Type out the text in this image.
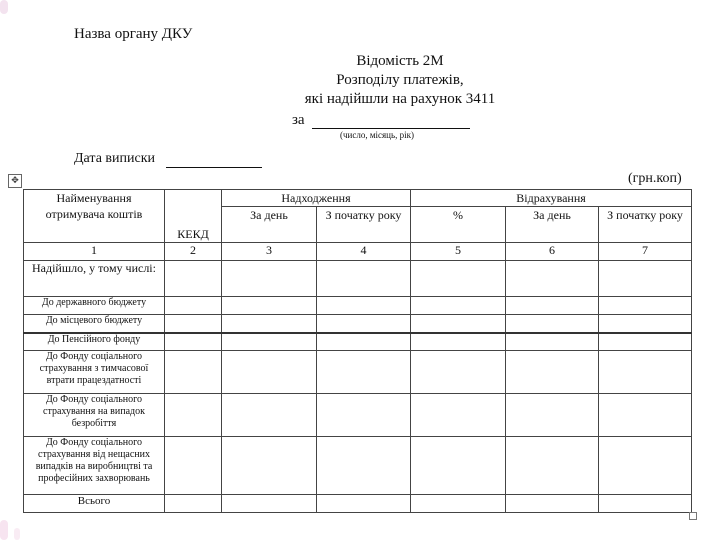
Назва органу ДКУ
Відомість 2М
Розподілу платежів,
які надійшли на рахунок 3411
за
(число, місяць, рік)
Дата виписки
(грн.коп)
✥
Найменування отримувача коштів	КЕКД	Надходження		Відрахування		
		За день	З початку року	%	За день	З початку року
1	2	3	4	5	6	7
Надійшло, у тому числі:						
До державного бюджету						
До місцевого бюджету						
До Пенсійного фонду						
До Фонду соціального страхування з тимчасової втрати працездатності						
До Фонду соціального страхування на випадок безробіття						
До Фонду соціального страхування від нещасних випадків на виробництві та професійних захворювань						
Всього						
